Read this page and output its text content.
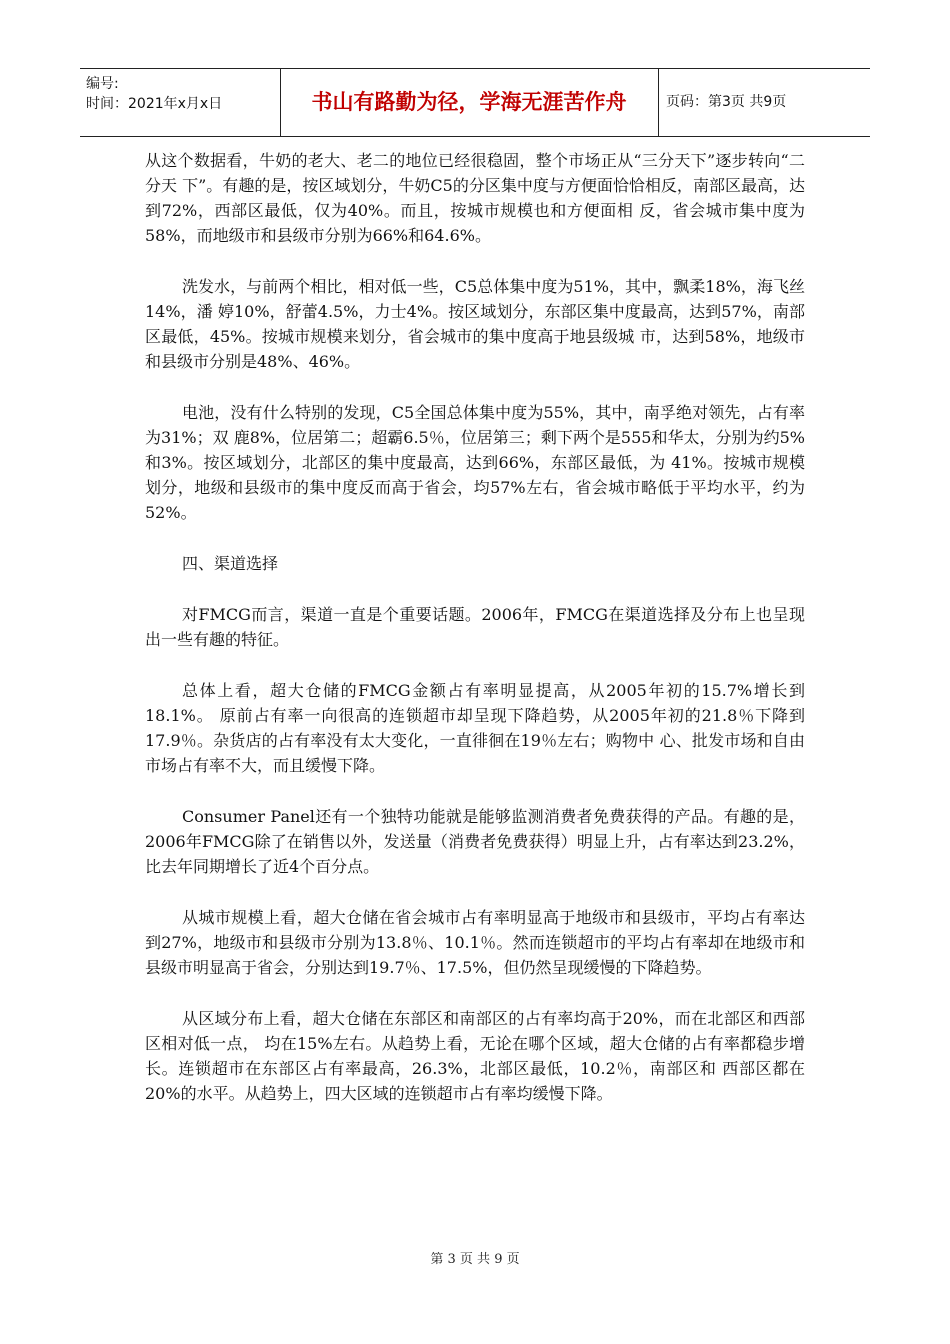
编号:
时间：2021年x月x日	书山有路勤为径，学海无涯苦作舟	页码：第3页 共9页

从这个数据看，牛奶的老大、老二的地位已经很稳固，整个市场正从“三分天下”逐步转向“二分天 下”。有趣的是，按区域划分，牛奶C5的分区集中度与方便面恰恰相反，南部区最高，达到72%，西部区最低，仅为40%。而且，按城市规模也和方便面相 反，省会城市集中度为58%，而地级市和县级市分别为66%和64.6%。

洗发水，与前两个相比，相对低一些，C5总体集中度为51%，其中，飘柔18%，海飞丝14%，潘 婷10%，舒蕾4.5%，力士4%。按区域划分，东部区集中度最高，达到57%，南部区最低，45%。按城市规模来划分，省会城市的集中度高于地县级城 市，达到58%，地级市和县级市分别是48%、46%。

电池，没有什么特别的发现，C5全国总体集中度为55%，其中，南孚绝对领先，占有率为31%；双 鹿8%，位居第二；超霸6.5％，位居第三；剩下两个是555和华太，分别为约5%和3%。按区域划分，北部区的集中度最高，达到66%，东部区最低，为 41%。按城市规模划分，地级和县级市的集中度反而高于省会，均57%左右，省会城市略低于平均水平，约为52%。

四、渠道选择

对FMCG而言，渠道一直是个重要话题。2006年，FMCG在渠道选择及分布上也呈现出一些有趣的特征。

总体上看，超大仓储的FMCG金额占有率明显提高，从2005年初的15.7%增长到18.1%。 原前占有率一向很高的连锁超市却呈现下降趋势，从2005年初的21.8％下降到17.9％。杂货店的占有率没有太大变化，一直徘徊在19％左右；购物中 心、批发市场和自由市场占有率不大，而且缓慢下降。

Consumer Panel还有一个独特功能就是能够监测消费者免费获得的产品。有趣的是，2006年FMCG除了在销售以外，发送量（消费者免费获得）明显上升，占有率达到23.2%，比去年同期增长了近4个百分点。

从城市规模上看，超大仓储在省会城市占有率明显高于地级市和县级市，平均占有率达到27%，地级市和县级市分别为13.8％、10.1％。然而连锁超市的平均占有率却在地级市和县级市明显高于省会，分别达到19.7％、17.5%，但仍然呈现缓慢的下降趋势。

从区域分布上看，超大仓储在东部区和南部区的占有率均高于20%，而在北部区和西部区相对低一点， 均在15%左右。从趋势上看，无论在哪个区域，超大仓储的占有率都稳步增长。连锁超市在东部区占有率最高，26.3%，北部区最低，10.2％，南部区和 西部区都在20%的水平。从趋势上，四大区域的连锁超市占有率均缓慢下降。

第 3 页 共 9 页
